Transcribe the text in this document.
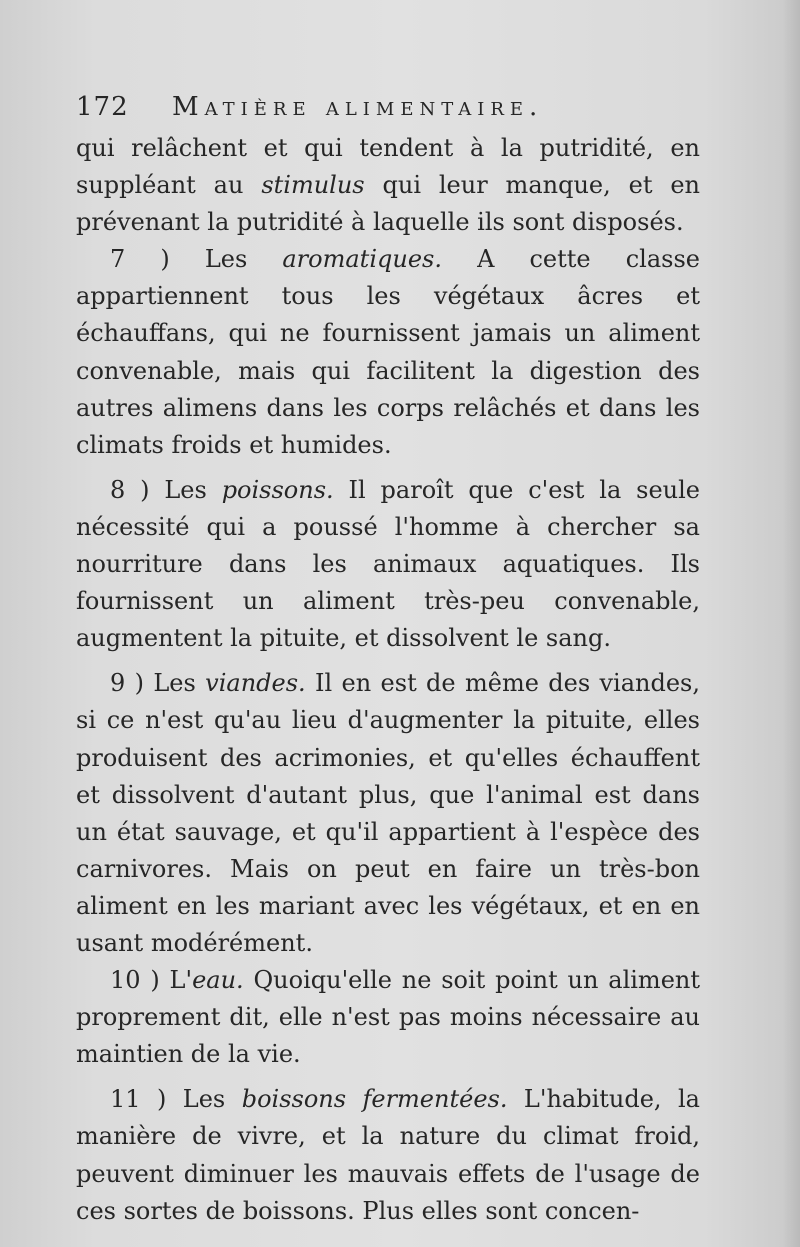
172 Matière alimentaire.

qui relâchent et qui tendent à la putridité, en suppléant au stimulus qui leur manque, et en prévenant la putridité à laquelle ils sont disposés.

7 ) Les aromatiques. A cette classe appartiennent tous les végétaux âcres et échauffans, qui ne fournissent jamais un aliment convenable, mais qui facilitent la digestion des autres alimens dans les corps relâchés et dans les climats froids et humides.

8 ) Les poissons. Il paroît que c'est la seule nécessité qui a poussé l'homme à chercher sa nourriture dans les animaux aquatiques. Ils fournissent un aliment très-peu convenable, augmentent la pituite, et dissolvent le sang.

9 ) Les viandes. Il en est de même des viandes, si ce n'est qu'au lieu d'augmenter la pituite, elles produisent des acrimonies, et qu'elles échauffent et dissolvent d'autant plus, que l'animal est dans un état sauvage, et qu'il appartient à l'espèce des carnivores. Mais on peut en faire un très-bon aliment en les mariant avec les végétaux, et en en usant modérément.

10 ) L'eau. Quoiqu'elle ne soit point un aliment proprement dit, elle n'est pas moins nécessaire au maintien de la vie.

11 ) Les boissons fermentées. L'habitude, la manière de vivre, et la nature du climat froid, peuvent diminuer les mauvais effets de l'usage de ces sortes de boissons. Plus elles sont concen-
